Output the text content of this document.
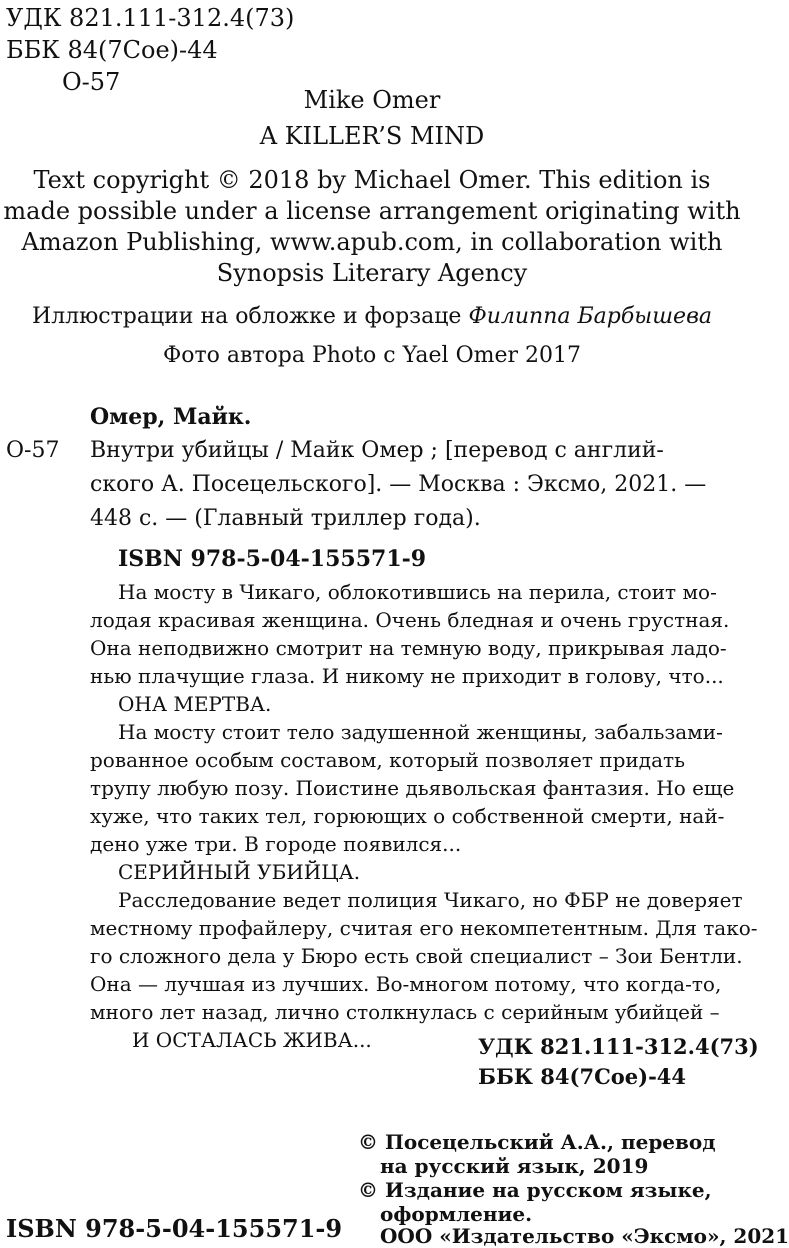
УДК 821.111-312.4(73)
ББК 84(7Сое)-44
О-57
Mike Omer
A KILLER’S MIND
Text copyright © 2018 by Michael Omer. This edition is
made possible under a license arrangement originating with
Amazon Publishing, www.apub.com, in collaboration with
Synopsis Literary Agency
Иллюстрации на обложке и форзаце Филиппа Барбышева
Фото автора Photo с Yael Omer 2017
Омер, Майк.
О-57 Внутри убийцы / Майк Омер ; [перевод с англий-
ского А. Посецельского]. — Москва : Эксмо, 2021. —
448 с. — (Главный триллер года).
ISBN 978-5-04-155571-9
На мосту в Чикаго, облокотившись на перила, стоит мо-
лодая красивая женщина. Очень бледная и очень грустная.
Она неподвижно смотрит на темную воду, прикрывая ладо-
нью плачущие глаза. И никому не приходит в голову, что...
ОНА МЕРТВА.
На мосту стоит тело задушенной женщины, забальзами-
рованное особым составом, который позволяет придать
трупу любую позу. Поистине дьявольская фантазия. Но еще
хуже, что таких тел, горюющих о собственной смерти, най-
дено уже три. В городе появился...
СЕРИЙНЫЙ УБИЙЦА.
Расследование ведет полиция Чикаго, но ФБР не доверяет
местному профайлеру, считая его некомпетентным. Для тако-
го сложного дела у Бюро есть свой специалист – Зои Бентли.
Она — лучшая из лучших. Во-многом потому, что когда-то,
много лет назад, лично столкнулась с серийным убийцей –
И ОСТАЛАСЬ ЖИВА...	УДК 821.111-312.4(73)
ББК 84(7Сое)-44
© Посецельский А.А., перевод
на русский язык, 2019
© Издание на русском языке,
оформление.
ООО «Издательство «Эксмо», 2021
ISBN 978-5-04-155571-9
